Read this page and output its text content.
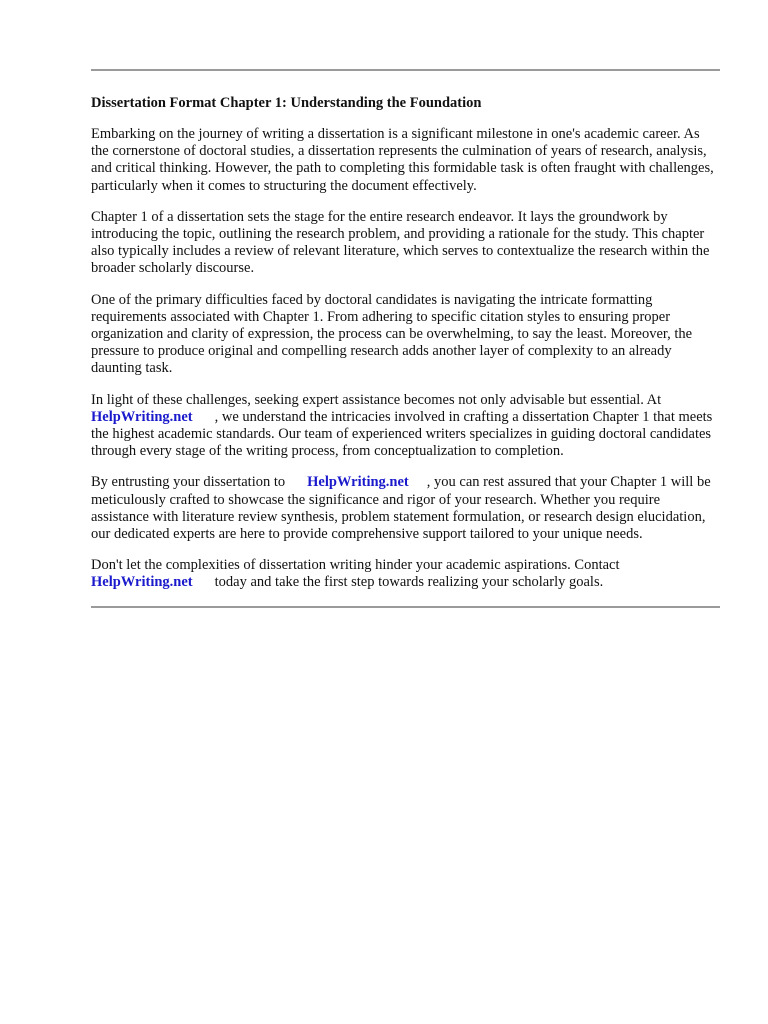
Dissertation Format Chapter 1: Understanding the Foundation

Embarking on the journey of writing a dissertation is a significant milestone in one's academic career. As the cornerstone of doctoral studies, a dissertation represents the culmination of years of research, analysis, and critical thinking. However, the path to completing this formidable task is often fraught with challenges, particularly when it comes to structuring the document effectively.

Chapter 1 of a dissertation sets the stage for the entire research endeavor. It lays the groundwork by introducing the topic, outlining the research problem, and providing a rationale for the study. This chapter also typically includes a review of relevant literature, which serves to contextualize the research within the broader scholarly discourse.

One of the primary difficulties faced by doctoral candidates is navigating the intricate formatting requirements associated with Chapter 1. From adhering to specific citation styles to ensuring proper organization and clarity of expression, the process can be overwhelming, to say the least. Moreover, the pressure to produce original and compelling research adds another layer of complexity to an already daunting task.

In light of these challenges, seeking expert assistance becomes not only advisable but essential. At
HelpWriting.net , we understand the intricacies involved in crafting a dissertation Chapter 1 that meets the highest academic standards. Our team of experienced writers specializes in guiding doctoral candidates through every stage of the writing process, from conceptualization to completion.

By entrusting your dissertation to HelpWriting.net , you can rest assured that your Chapter 1 will be meticulously crafted to showcase the significance and rigor of your research. Whether you require assistance with literature review synthesis, problem statement formulation, or research design elucidation, our dedicated experts are here to provide comprehensive support tailored to your unique needs.

Don't let the complexities of dissertation writing hinder your academic aspirations. Contact
HelpWriting.net today and take the first step towards realizing your scholarly goals.
